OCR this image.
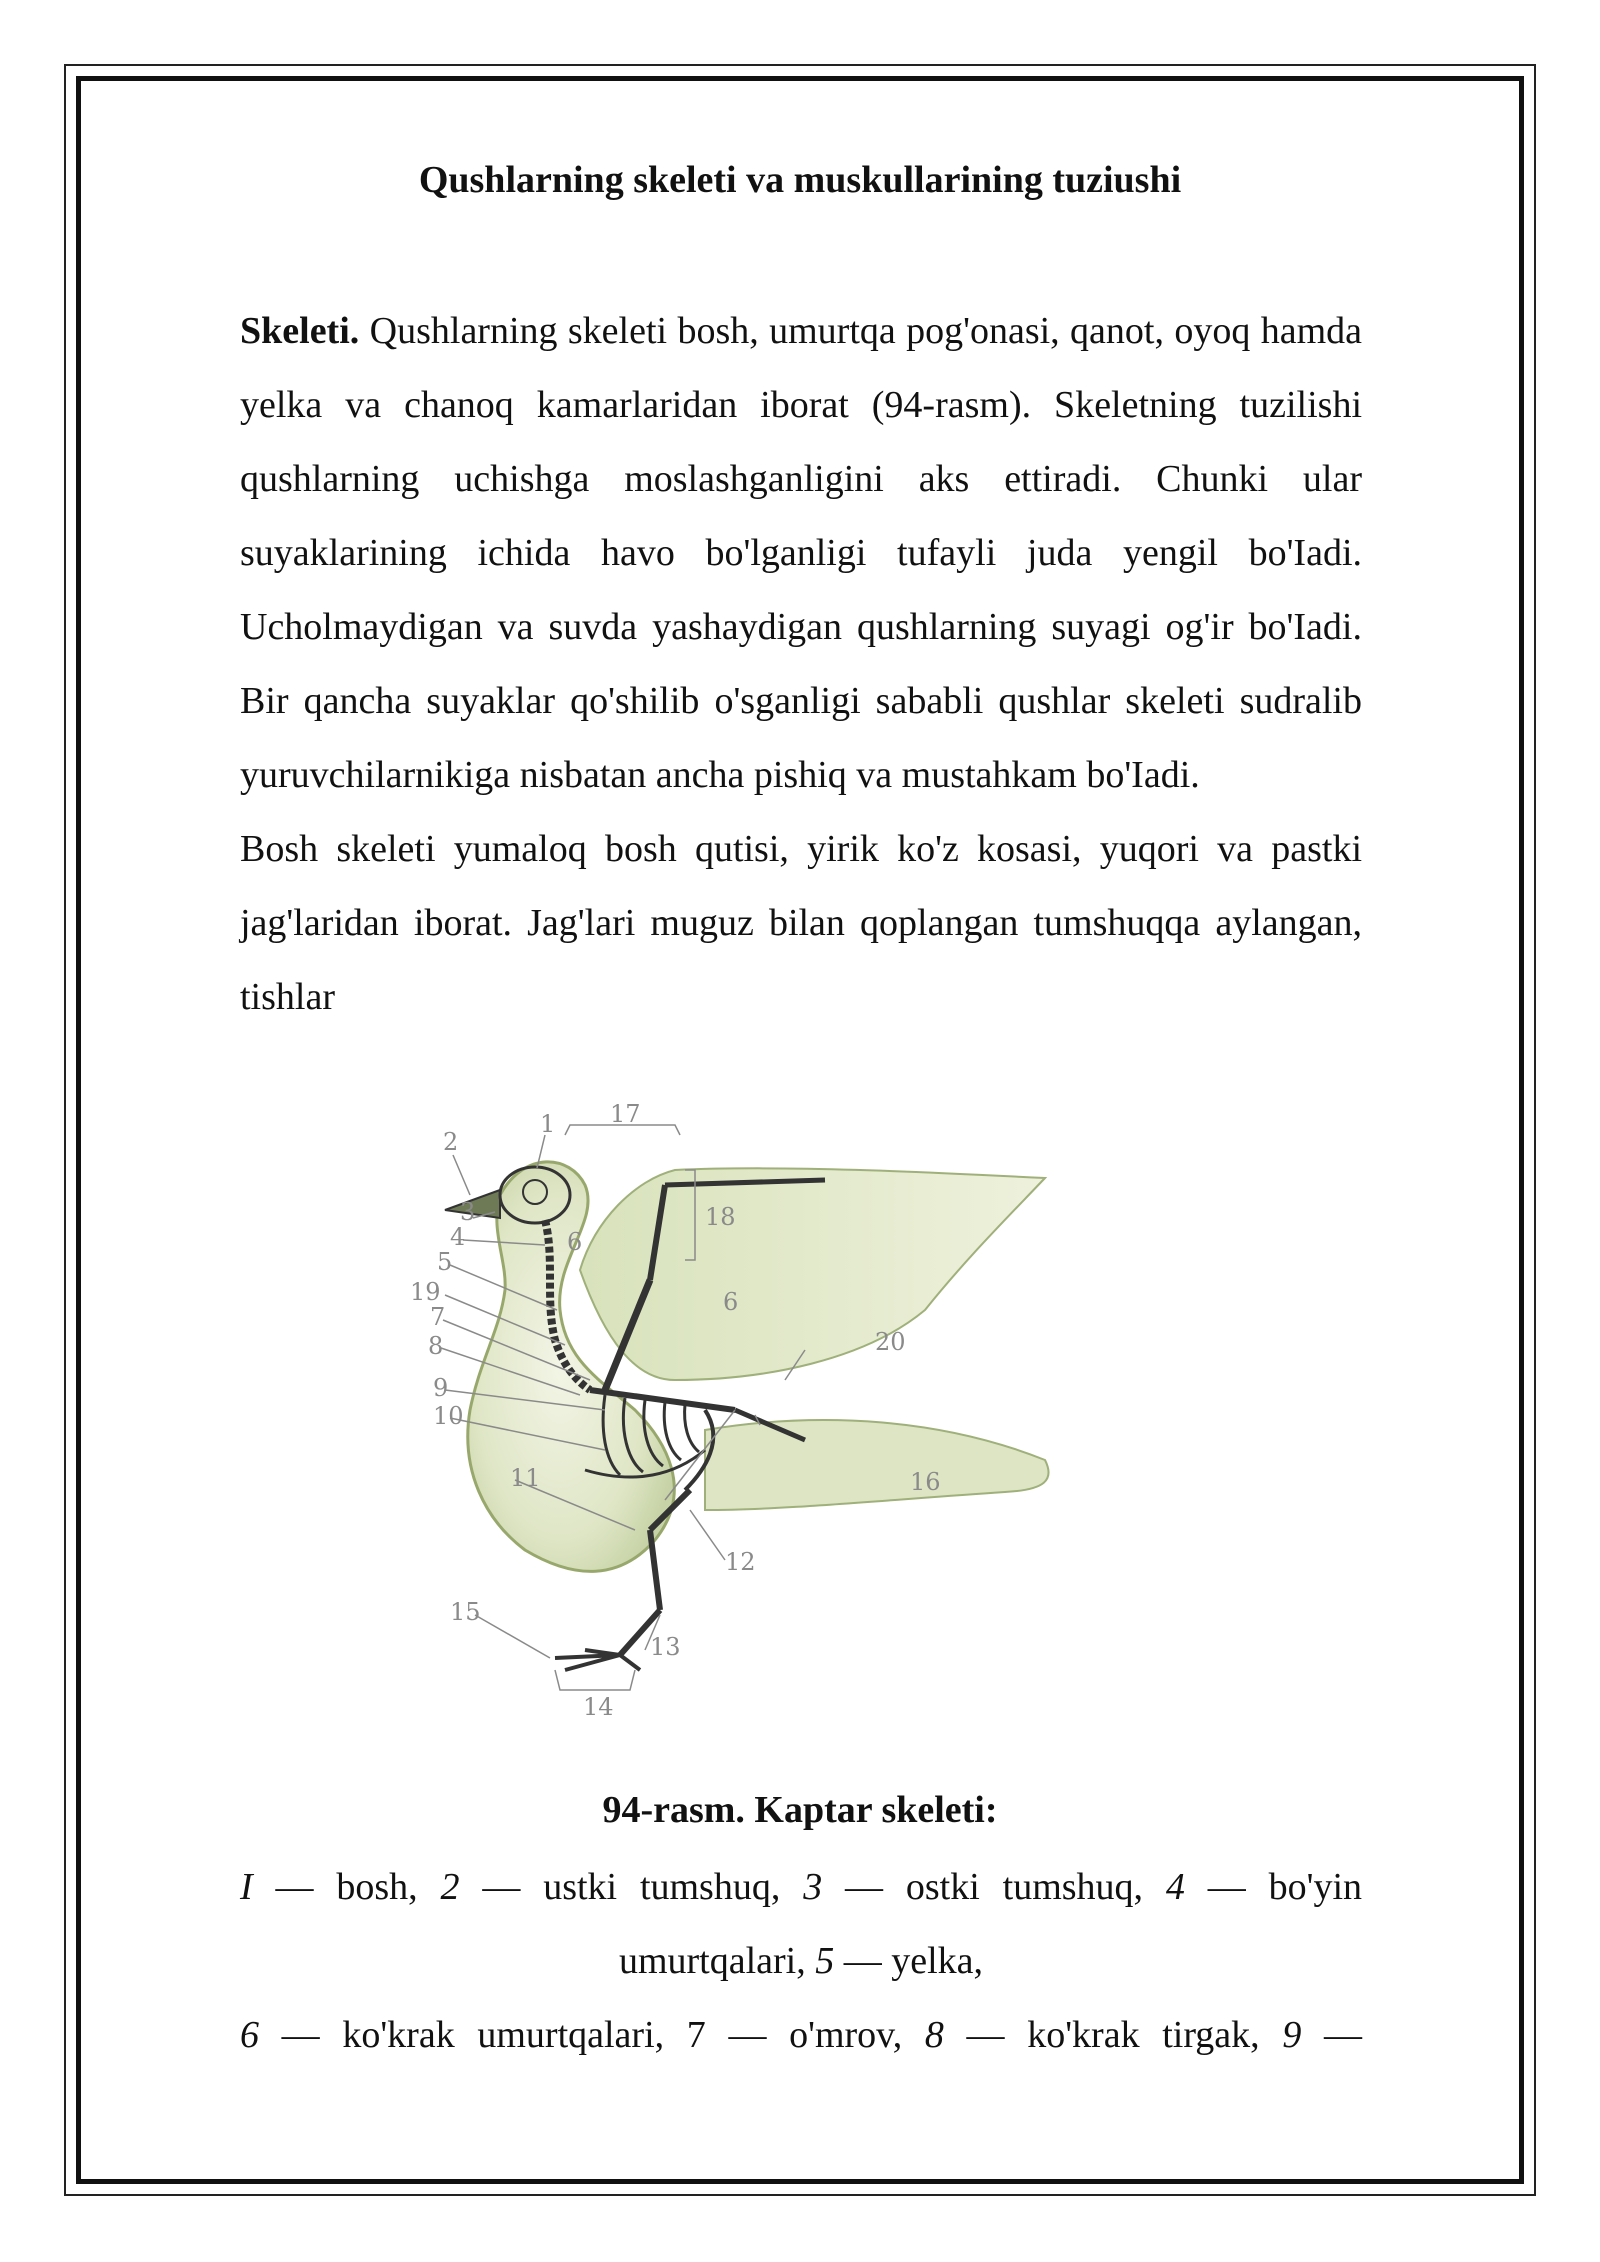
Qushlarning skeleti va muskullarining tuziushi

Skeleti. Qushlarning skeleti bosh, umurtqa pog'onasi, qanot, oyoq hamda yelka va chanoq kamarlaridan iborat (94-rasm). Skeletning tuzilishi qushlarning uchishga moslashganligini aks ettiradi. Chunki ular suyaklarining ichida havo bo'lganligi tufayli juda yengil bo'Iadi. Ucholmaydigan va suvda yashaydigan qushlarning suyagi og'ir bo'Iadi. Bir qancha suyaklar qo'shilib o'sganligi sababli qushlar skeleti sudralib yuruvchilarnikiga nisbatan ancha pishiq va mustahkam bo'Iadi.

Bosh skeleti yumaloq bosh qutisi, yirik ko'z kosasi, yuqori va pastki jag'laridan iborat. Jag'lari muguz bilan qoplangan tumshuqqa aylangan, tishlar

1
2
3
4
5
6
6
7
8
9
10
11
12
13
14
15
16
17
18
19
20
94-rasm. Kaptar skeleti:
I — bosh, 2 — ustki tumshuq, 3 — ostki tumshuq, 4 — bo'yin
umurtqalari, 5 — yelka,
6 — ko'krak umurtqalari, 7 — o'mrov, 8 — ko'krak tirgak, 9 —
